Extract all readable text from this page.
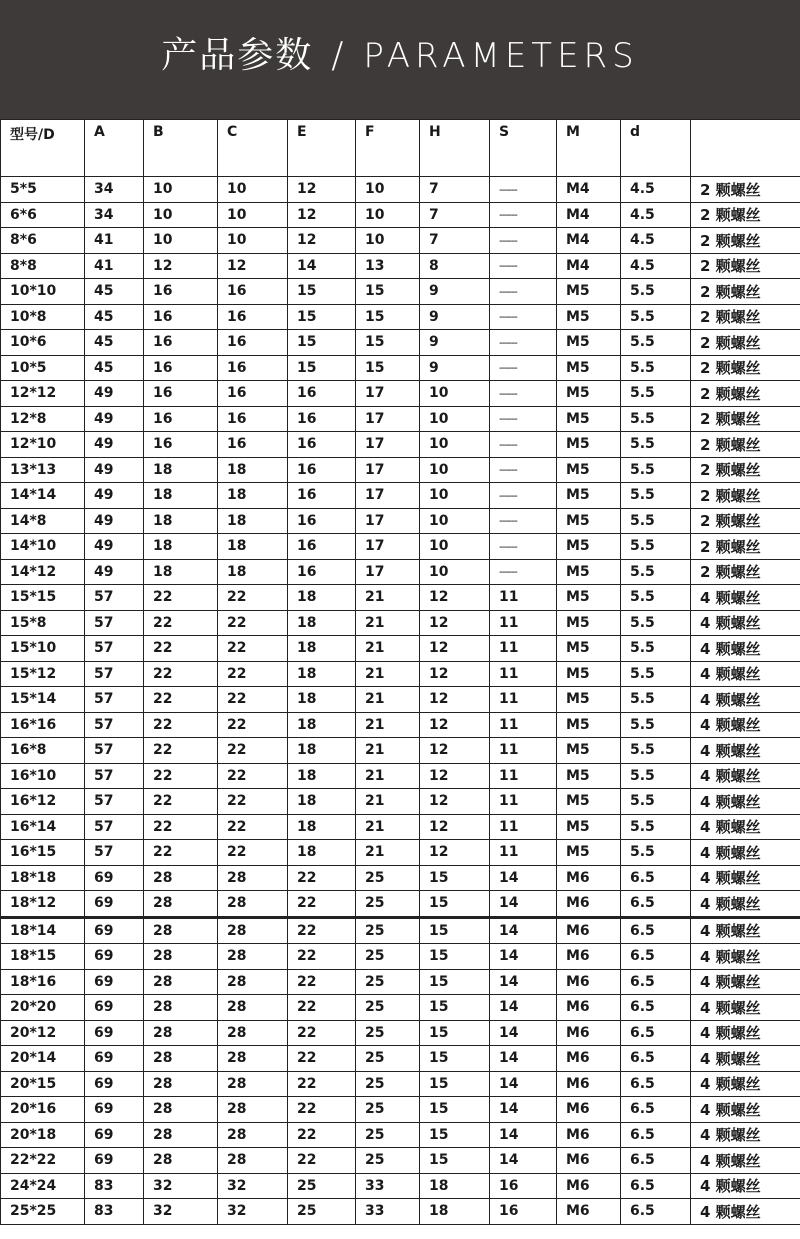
产品参数 / PARAMETERS
型号/D	A	B	C	E	F	H	S	M	d	
5*5	34	10	10	12	10	7	------	M4	4.5	2 颗螺丝
6*6	34	10	10	12	10	7	------	M4	4.5	2 颗螺丝
8*6	41	10	10	12	10	7	------	M4	4.5	2 颗螺丝
8*8	41	12	12	14	13	8	------	M4	4.5	2 颗螺丝
10*10	45	16	16	15	15	9	------	M5	5.5	2 颗螺丝
10*8	45	16	16	15	15	9	------	M5	5.5	2 颗螺丝
10*6	45	16	16	15	15	9	------	M5	5.5	2 颗螺丝
10*5	45	16	16	15	15	9	------	M5	5.5	2 颗螺丝
12*12	49	16	16	16	17	10	------	M5	5.5	2 颗螺丝
12*8	49	16	16	16	17	10	------	M5	5.5	2 颗螺丝
12*10	49	16	16	16	17	10	------	M5	5.5	2 颗螺丝
13*13	49	18	18	16	17	10	------	M5	5.5	2 颗螺丝
14*14	49	18	18	16	17	10	------	M5	5.5	2 颗螺丝
14*8	49	18	18	16	17	10	------	M5	5.5	2 颗螺丝
14*10	49	18	18	16	17	10	------	M5	5.5	2 颗螺丝
14*12	49	18	18	16	17	10	------	M5	5.5	2 颗螺丝
15*15	57	22	22	18	21	12	11	M5	5.5	4 颗螺丝
15*8	57	22	22	18	21	12	11	M5	5.5	4 颗螺丝
15*10	57	22	22	18	21	12	11	M5	5.5	4 颗螺丝
15*12	57	22	22	18	21	12	11	M5	5.5	4 颗螺丝
15*14	57	22	22	18	21	12	11	M5	5.5	4 颗螺丝
16*16	57	22	22	18	21	12	11	M5	5.5	4 颗螺丝
16*8	57	22	22	18	21	12	11	M5	5.5	4 颗螺丝
16*10	57	22	22	18	21	12	11	M5	5.5	4 颗螺丝
16*12	57	22	22	18	21	12	11	M5	5.5	4 颗螺丝
16*14	57	22	22	18	21	12	11	M5	5.5	4 颗螺丝
16*15	57	22	22	18	21	12	11	M5	5.5	4 颗螺丝
18*18	69	28	28	22	25	15	14	M6	6.5	4 颗螺丝
18*12	69	28	28	22	25	15	14	M6	6.5	4 颗螺丝
18*14	69	28	28	22	25	15	14	M6	6.5	4 颗螺丝
18*15	69	28	28	22	25	15	14	M6	6.5	4 颗螺丝
18*16	69	28	28	22	25	15	14	M6	6.5	4 颗螺丝
20*20	69	28	28	22	25	15	14	M6	6.5	4 颗螺丝
20*12	69	28	28	22	25	15	14	M6	6.5	4 颗螺丝
20*14	69	28	28	22	25	15	14	M6	6.5	4 颗螺丝
20*15	69	28	28	22	25	15	14	M6	6.5	4 颗螺丝
20*16	69	28	28	22	25	15	14	M6	6.5	4 颗螺丝
20*18	69	28	28	22	25	15	14	M6	6.5	4 颗螺丝
22*22	69	28	28	22	25	15	14	M6	6.5	4 颗螺丝
24*24	83	32	32	25	33	18	16	M6	6.5	4 颗螺丝
25*25	83	32	32	25	33	18	16	M6	6.5	4 颗螺丝
